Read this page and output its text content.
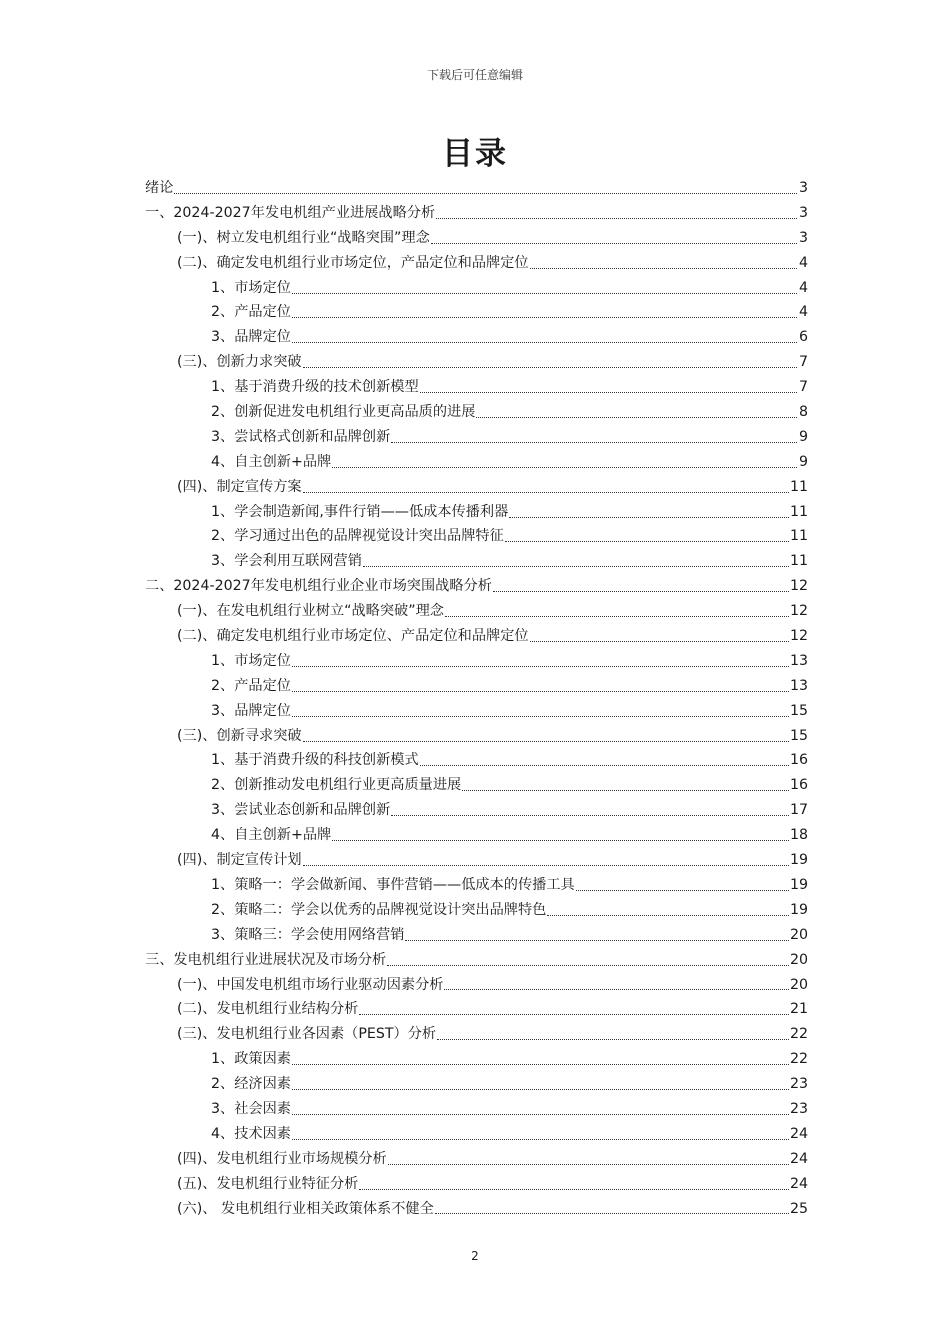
下载后可任意编辑
目录
绪论	3
一、2024-2027年发电机组产业进展战略分析	3
(一)、树立发电机组行业“战略突围”理念	3
(二)、确定发电机组行业市场定位，产品定位和品牌定位	4
1、市场定位	4
2、产品定位	4
3、品牌定位	6
(三)、创新力求突破	7
1、基于消费升级的技术创新模型	7
2、创新促进发电机组行业更高品质的进展	8
3、尝试格式创新和品牌创新	9
4、自主创新+品牌	9
(四)、制定宣传方案	11
1、学会制造新闻,事件行销——低成本传播利器	11
2、学习通过出色的品牌视觉设计突出品牌特征	11
3、学会利用互联网营销	11
二、2024-2027年发电机组行业企业市场突围战略分析	12
(一)、在发电机组行业树立“战略突破”理念	12
(二)、确定发电机组行业市场定位、产品定位和品牌定位	12
1、市场定位	13
2、产品定位	13
3、品牌定位	15
(三)、创新寻求突破	15
1、基于消费升级的科技创新模式	16
2、创新推动发电机组行业更高质量进展	16
3、尝试业态创新和品牌创新	17
4、自主创新+品牌	18
(四)、制定宣传计划	19
1、策略一：学会做新闻、事件营销——低成本的传播工具	19
2、策略二：学会以优秀的品牌视觉设计突出品牌特色	19
3、策略三：学会使用网络营销	20
三、发电机组行业进展状况及市场分析	20
(一)、中国发电机组市场行业驱动因素分析	20
(二)、发电机组行业结构分析	21
(三)、发电机组行业各因素（PEST）分析	22
1、政策因素	22
2、经济因素	23
3、社会因素	23
4、技术因素	24
(四)、发电机组行业市场规模分析	24
(五)、发电机组行业特征分析	24
(六)、 发电机组行业相关政策体系不健全	25
2
